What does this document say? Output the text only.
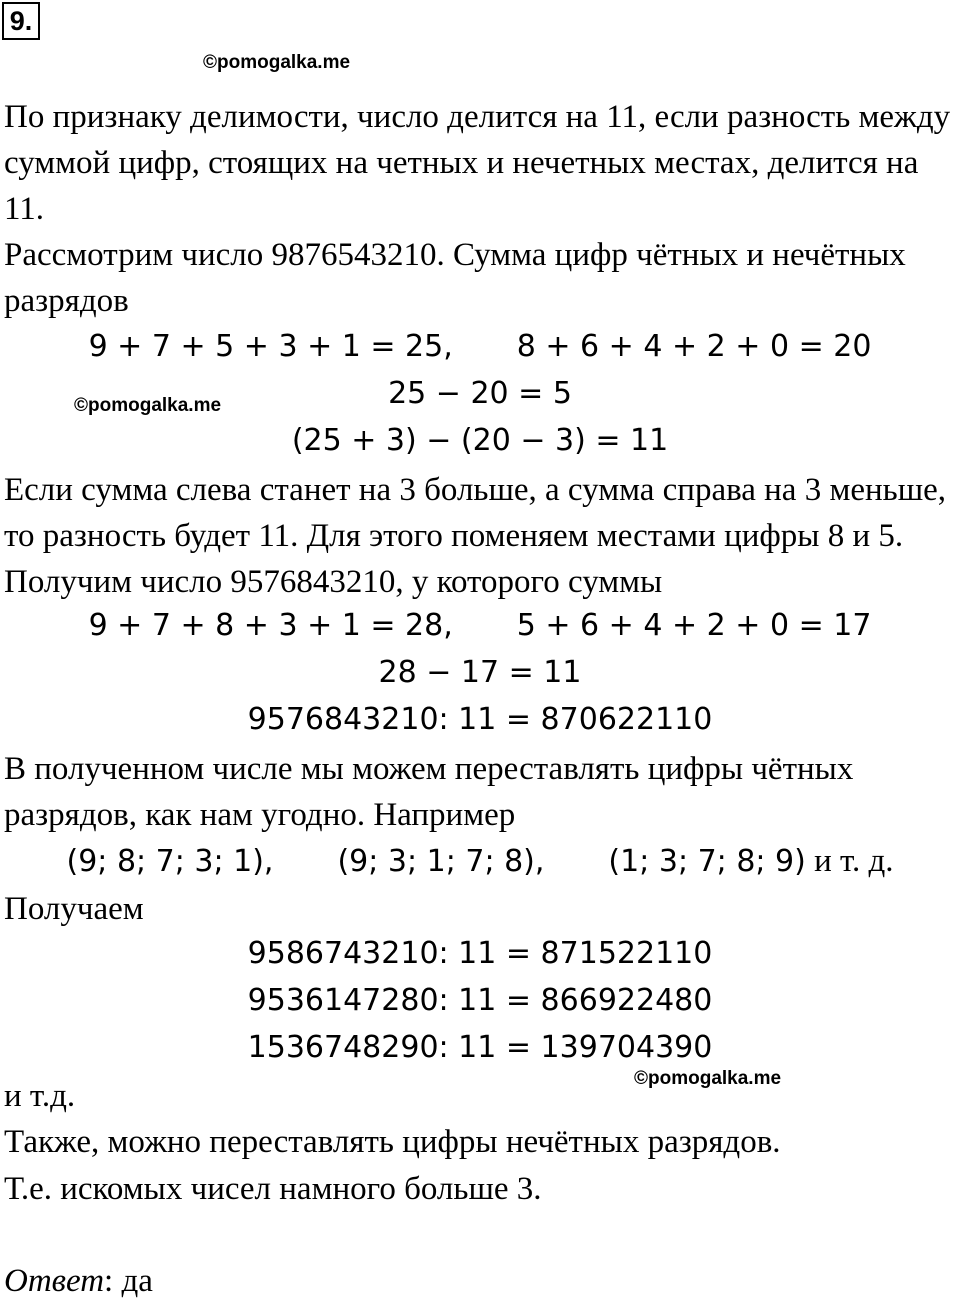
9.
©pomogalka.me
По признаку делимости, число делится на 11, если разность между
суммой цифр, стоящих на четных и нечетных местах, делится на
11.
Рассмотрим число 9876543210. Сумма цифр чётных и нечётных
разрядов
9 + 7 + 5 + 3 + 1 = 25, 8 + 6 + 4 + 2 + 0 = 20
©pomogalka.me	25 − 20 = 5
(25 + 3) − (20 − 3) = 11
Если сумма слева станет на 3 больше, а сумма справа на 3 меньше,
то разность будет 11. Для этого поменяем местами цифры 8 и 5.
Получим число 9576843210, у которого суммы
9 + 7 + 8 + 3 + 1 = 28, 5 + 6 + 4 + 2 + 0 = 17
28 − 17 = 11
9576843210: 11 = 870622110
В полученном числе мы можем переставлять цифры чётных
разрядов, как нам угодно. Например
(9; 8; 7; 3; 1), (9; 3; 1; 7; 8), (1; 3; 7; 8; 9) и т. д.
Получаем
9586743210: 11 = 871522110
9536147280: 11 = 866922480
1536748290: 11 = 139704390
©pomogalka.me
и т.д.
Также, можно переставлять цифры нечётных разрядов.
Т.е. искомых чисел намного больше 3.
Ответ: да
